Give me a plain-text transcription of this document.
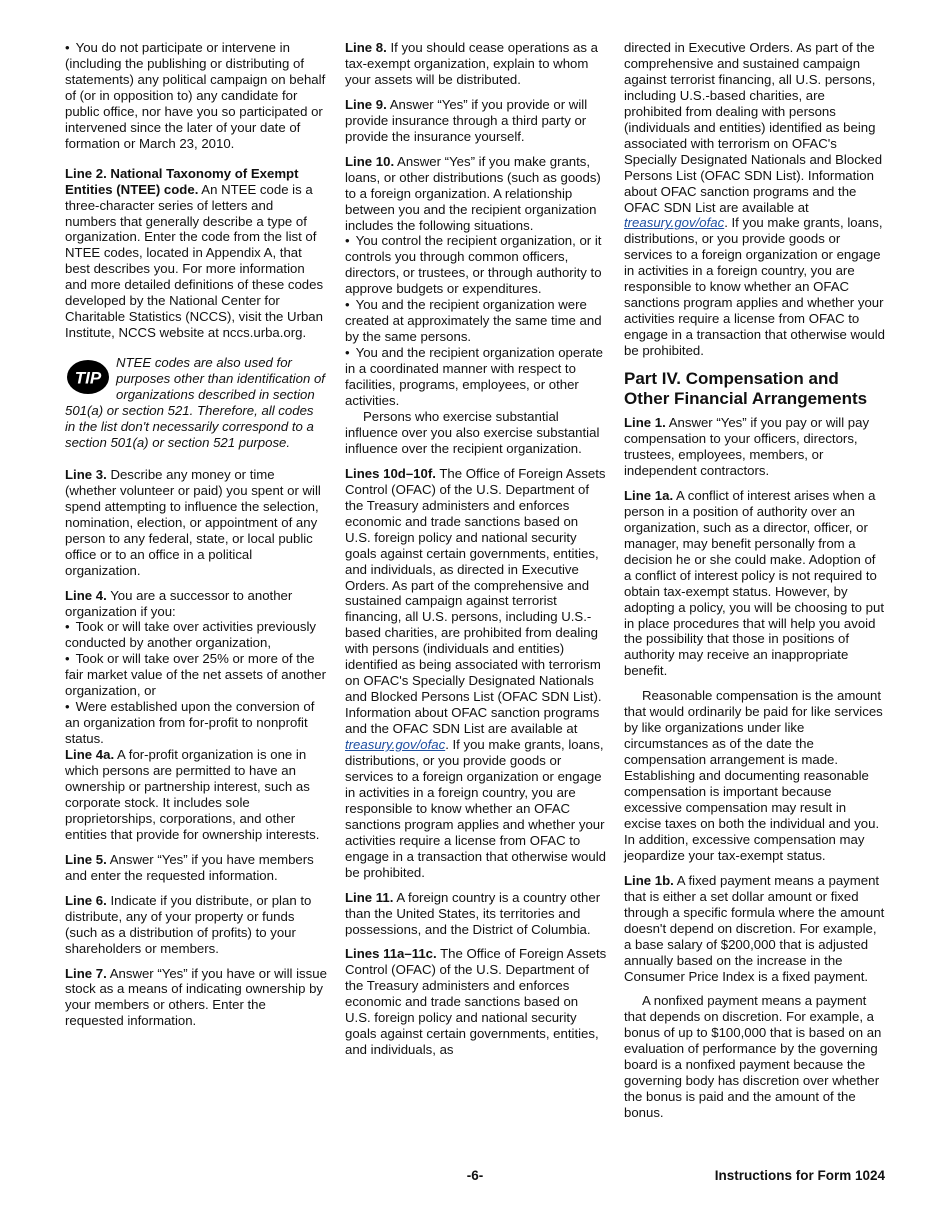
• You do not participate or intervene in (including the publishing or distributing of statements) any political campaign on behalf of (or in opposition to) any candidate for public office, nor have you so participated or intervened since the later of your date of formation or March 23, 2010.

Line 2. National Taxonomy of Exempt Entities (NTEE) code. An NTEE code is a three-character series of letters and numbers that generally describe a type of organization. Enter the code from the list of NTEE codes, located in Appendix A, that best describes you. For more information and more detailed definitions of these codes developed by the National Center for Charitable Statistics (NCCS), visit the Urban Institute, NCCS website at nccs.urba.org.

TIP
NTEE codes are also used for purposes other than identification of organizations described in section 501(a) or section 521. Therefore, all codes in the list don't necessarily correspond to a section 501(a) or section 521 purpose.

Line 3. Describe any money or time (whether volunteer or paid) you spent or will spend attempting to influence the selection, nomination, election, or appointment of any person to any federal, state, or local public office or to an office in a political organization.

Line 4. You are a successor to another organization if you:

• Took or will take over activities previously conducted by another organization,

• Took or will take over 25% or more of the fair market value of the net assets of another organization, or

• Were established upon the conversion of an organization from for-profit to nonprofit status.

Line 4a. A for-profit organization is one in which persons are permitted to have an ownership or partnership interest, such as corporate stock. It includes sole proprietorships, corporations, and other entities that provide for ownership interests.

Line 5. Answer “Yes” if you have members and enter the requested information.

Line 6. Indicate if you distribute, or plan to distribute, any of your property or funds (such as a distribution of profits) to your shareholders or members.

Line 7. Answer “Yes” if you have or will issue stock as a means of indicating ownership by your members or others. Enter the requested information.

Line 8. If you should cease operations as a tax-exempt organization, explain to whom your assets will be distributed.

Line 9. Answer “Yes” if you provide or will provide insurance through a third party or provide the insurance yourself.

Line 10. Answer “Yes” if you make grants, loans, or other distributions (such as goods) to a foreign organization. A relationship between you and the recipient organization includes the following situations.

• You control the recipient organization, or it controls you through common officers, directors, or trustees, or through authority to approve budgets or expenditures.

• You and the recipient organization were created at approximately the same time and by the same persons.

• You and the recipient organization operate in a coordinated manner with respect to facilities, programs, employees, or other activities.

Persons who exercise substantial influence over you also exercise substantial influence over the recipient organization.

Lines 10d–10f. The Office of Foreign Assets Control (OFAC) of the U.S. Department of the Treasury administers and enforces economic and trade sanctions based on U.S. foreign policy and national security goals against certain governments, entities, and individuals, as directed in Executive Orders. As part of the comprehensive and sustained campaign against terrorist financing, all U.S. persons, including U.S.-based charities, are prohibited from dealing with persons (individuals and entities) identified as being associated with terrorism on OFAC's Specially Designated Nationals and Blocked Persons List (OFAC SDN List). Information about OFAC sanction programs and the OFAC SDN List are available at treasury.gov/ofac. If you make grants, loans, distributions, or you provide goods or services to a foreign organization or engage in activities in a foreign country, you are responsible to know whether an OFAC sanctions program applies and whether your activities require a license from OFAC to engage in a transaction that otherwise would be prohibited.

Line 11. A foreign country is a country other than the United States, its territories and possessions, and the District of Columbia.

Lines 11a–11c. The Office of Foreign Assets Control (OFAC) of the U.S. Department of the Treasury administers and enforces economic and trade sanctions based on U.S. foreign policy and national security goals against certain governments, entities, and individuals, as

directed in Executive Orders. As part of the comprehensive and sustained campaign against terrorist financing, all U.S. persons, including U.S.-based charities, are prohibited from dealing with persons (individuals and entities) identified as being associated with terrorism on OFAC's Specially Designated Nationals and Blocked Persons List (OFAC SDN List). Information about OFAC sanction programs and the OFAC SDN List are available at treasury.gov/ofac. If you make grants, loans, distributions, or you provide goods or services to a foreign organization or engage in activities in a foreign country, you are responsible to know whether an OFAC sanctions program applies and whether your activities require a license from OFAC to engage in a transaction that otherwise would be prohibited.

Part IV. Compensation and Other Financial Arrangements

Line 1. Answer “Yes” if you pay or will pay compensation to your officers, directors, trustees, employees, members, or independent contractors.

Line 1a. A conflict of interest arises when a person in a position of authority over an organization, such as a director, officer, or manager, may benefit personally from a decision he or she could make. Adoption of a conflict of interest policy is not required to obtain tax-exempt status. However, by adopting a policy, you will be choosing to put in place procedures that will help you avoid the possibility that those in positions of authority may receive an inappropriate benefit.

Reasonable compensation is the amount that would ordinarily be paid for like services by like organizations under like circumstances as of the date the compensation arrangement is made. Establishing and documenting reasonable compensation is important because excessive compensation may result in excise taxes on both the individual and you. In addition, excessive compensation may jeopardize your tax-exempt status.

Line 1b. A fixed payment means a payment that is either a set dollar amount or fixed through a specific formula where the amount doesn't depend on discretion. For example, a base salary of $200,000 that is adjusted annually based on the increase in the Consumer Price Index is a fixed payment.

A nonfixed payment means a payment that depends on discretion. For example, a bonus of up to $100,000 that is based on an evaluation of performance by the governing board is a nonfixed payment because the governing body has discretion over whether the bonus is paid and the amount of the bonus.

-6-	Instructions for Form 1024
